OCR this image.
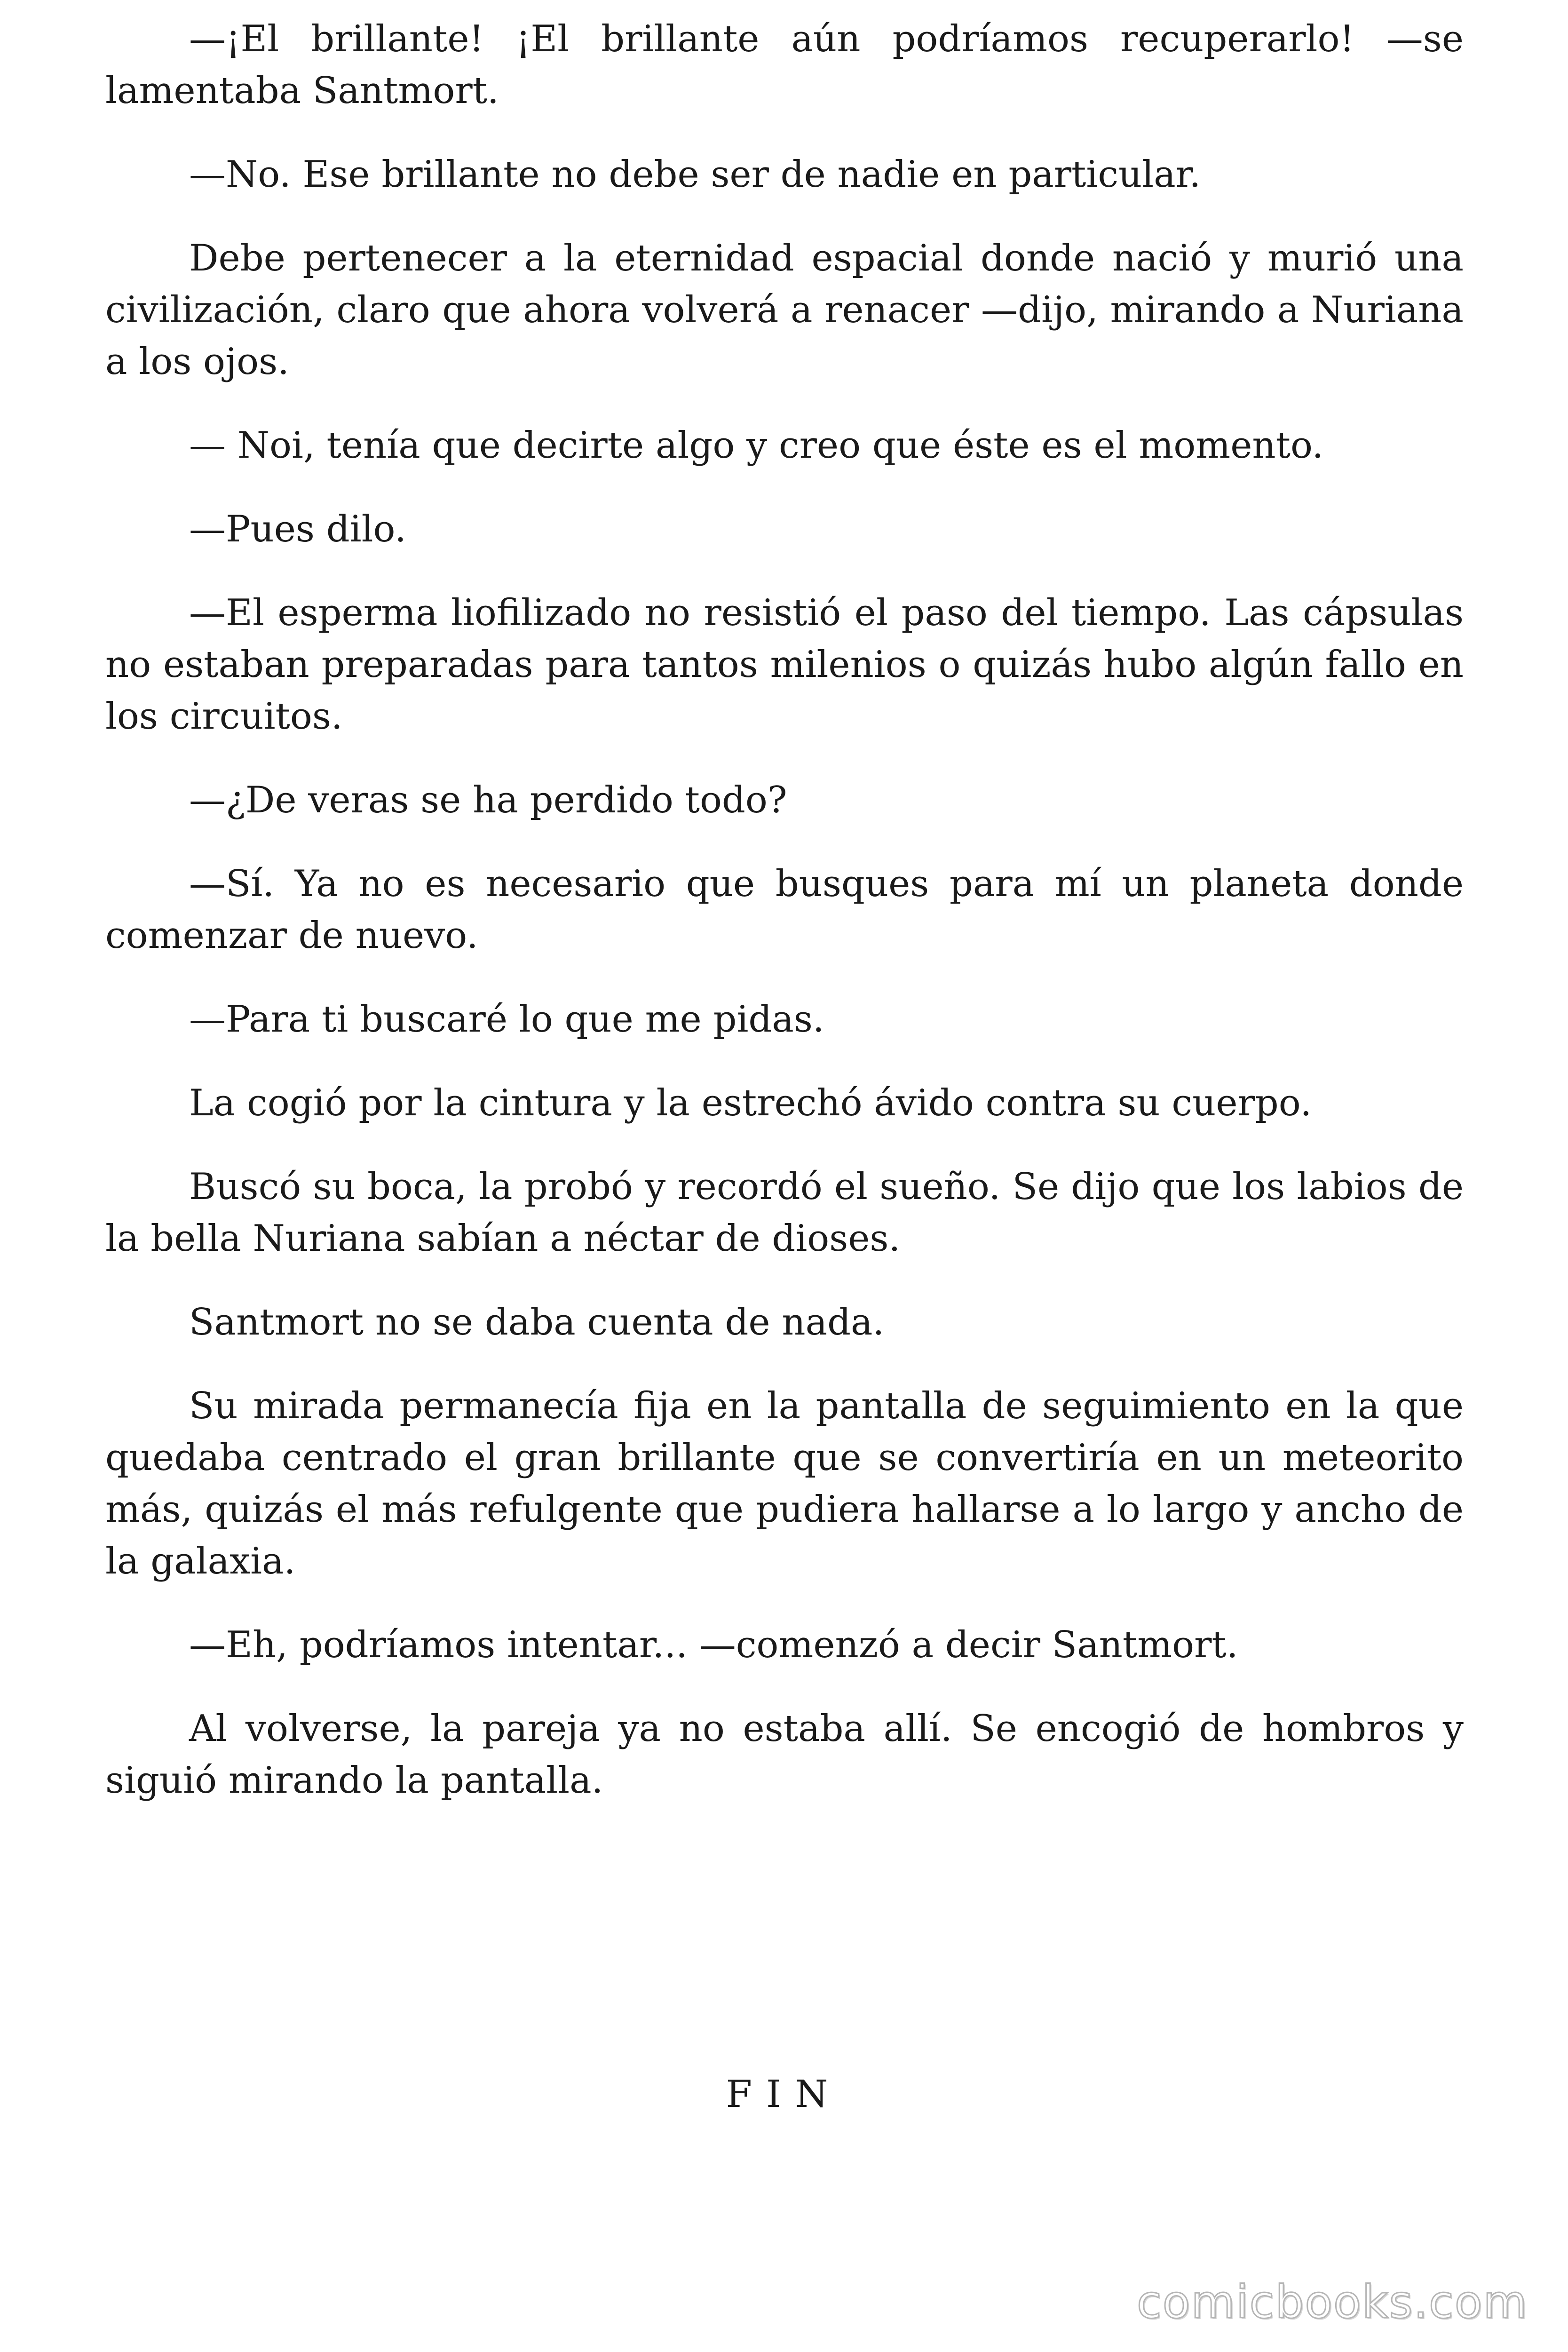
—¡El brillante! ¡El brillante aún podríamos recuperarlo! —se lamentaba Santmort.

—No. Ese brillante no debe ser de nadie en particular.

Debe pertenecer a la eternidad espacial donde nació y murió una civilización, claro que ahora volverá a renacer —dijo, mirando a Nuriana a los ojos.

— Noi, tenía que decirte algo y creo que éste es el momento.

—Pues dilo.

—El esperma liofilizado no resistió el paso del tiempo. Las cápsulas no estaban preparadas para tantos milenios o quizás hubo algún fallo en los circuitos.

—¿De veras se ha perdido todo?

—Sí. Ya no es necesario que busques para mí un planeta donde comenzar de nuevo.

—Para ti buscaré lo que me pidas.

La cogió por la cintura y la estrechó ávido contra su cuerpo.

Buscó su boca, la probó y recordó el sueño. Se dijo que los labios de la bella Nuriana sabían a néctar de dioses.

Santmort no se daba cuenta de nada.

Su mirada permanecía fija en la pantalla de seguimiento en la que quedaba centrado el gran brillante que se convertiría en un meteorito más, quizás el más refulgente que pudiera hallarse a lo largo y ancho de la galaxia.

—Eh, podríamos intentar... —comenzó a decir Santmort.

Al volverse, la pareja ya no estaba allí. Se encogió de hombros y siguió mirando la pantalla.

FIN
comicbooks.com
